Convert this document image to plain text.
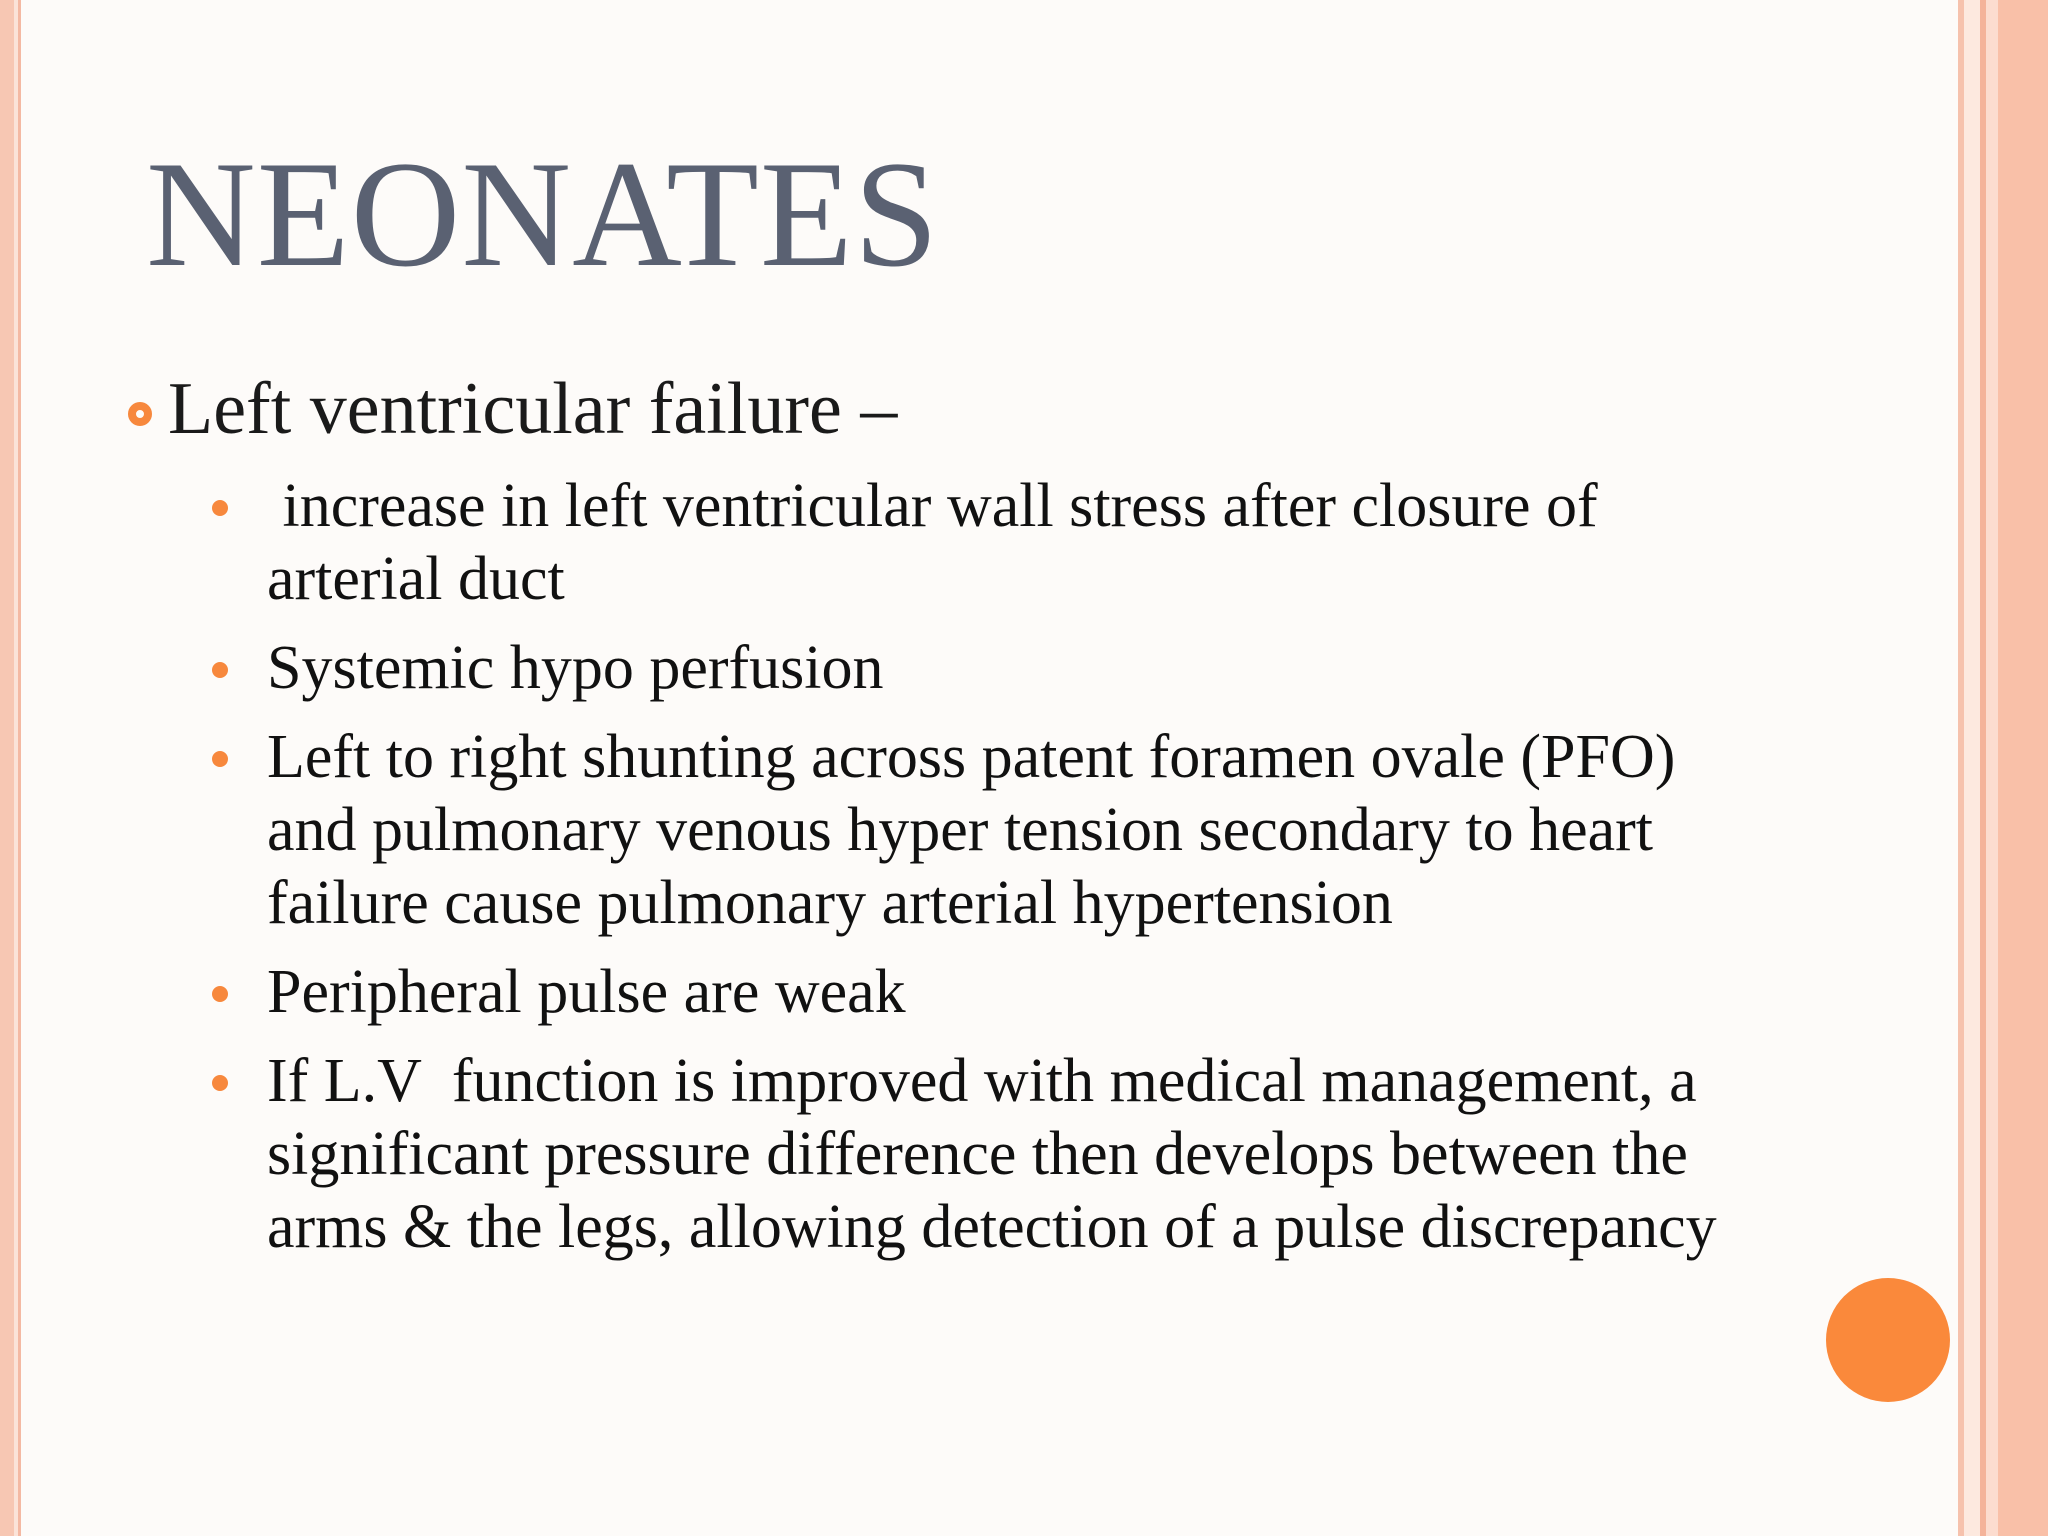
NEONATES
Left ventricular failure –
increase in left ventricular wall stress after closure of arterial duct
Systemic hypo perfusion
Left to right shunting across patent foramen ovale (PFO) and pulmonary venous hyper tension secondary to heart failure cause pulmonary arterial hypertension
Peripheral pulse are weak
If L.V  function is improved with medical management, a significant pressure difference then develops between the arms & the legs, allowing detection of a pulse discrepancy
